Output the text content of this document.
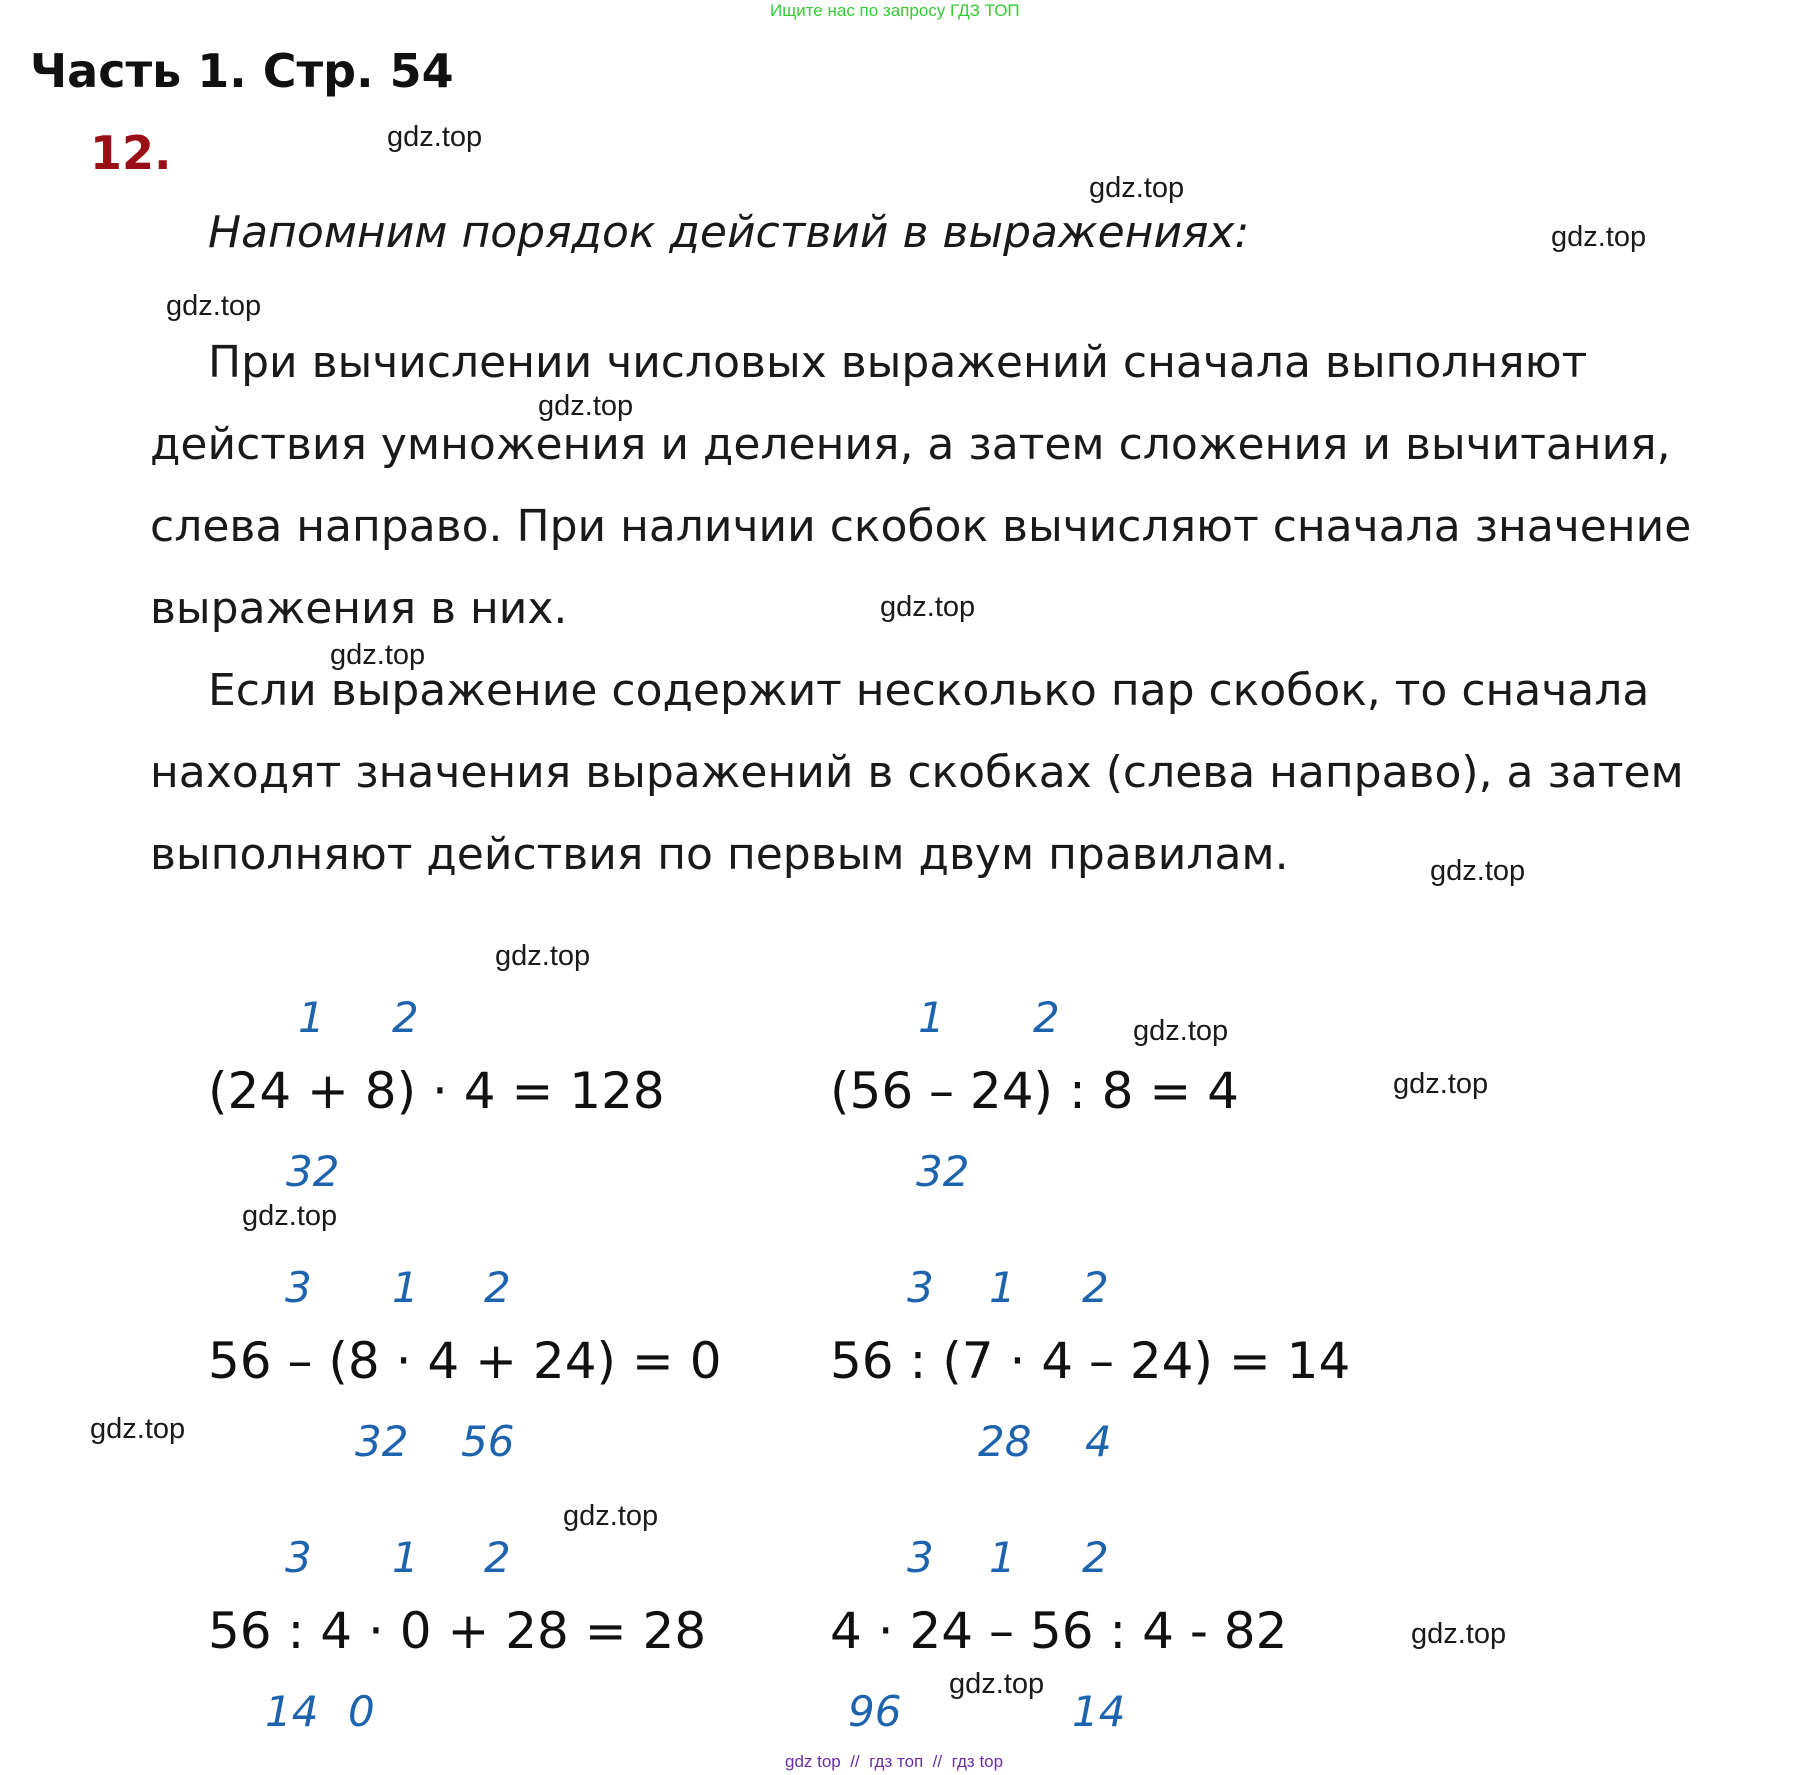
Ищите нас по запросу ГДЗ ТОП
Часть 1. Стр. 54
12.
Напомним порядок действий в выражениях:
При вычислении числовых выражений сначала выполняют
действия умножения и деления, а затем сложения и вычитания,
слева направо. При наличии скобок вычисляют сначала значение
выражения в них.
Если выражение содержит несколько пар скобок, то сначала
находят значения выражений в скобках (слева направо), а затем
выполняют действия по первым двум правилам.
1 2
(24 + 8) · 4 = 128
32
1 2
(56 – 24) : 8 = 4
32
3 1 2
56 – (8 · 4 + 24) = 0
32 56
3 1 2
56 : (7 · 4 – 24) = 14
28 4
3 1 2
56 : 4 · 0 + 28 = 28
14 0
3 1 2
4 · 24 – 56 : 4 - 82
96	14
gdz.top
gdz.top
gdz.top
gdz.top
gdz.top
gdz.top
gdz.top
gdz.top
gdz.top
gdz.top
gdz.top
gdz.top
gdz.top
gdz.top
gdz.top
gdz.top
gdz top  //  гдз топ  //  гдз top
